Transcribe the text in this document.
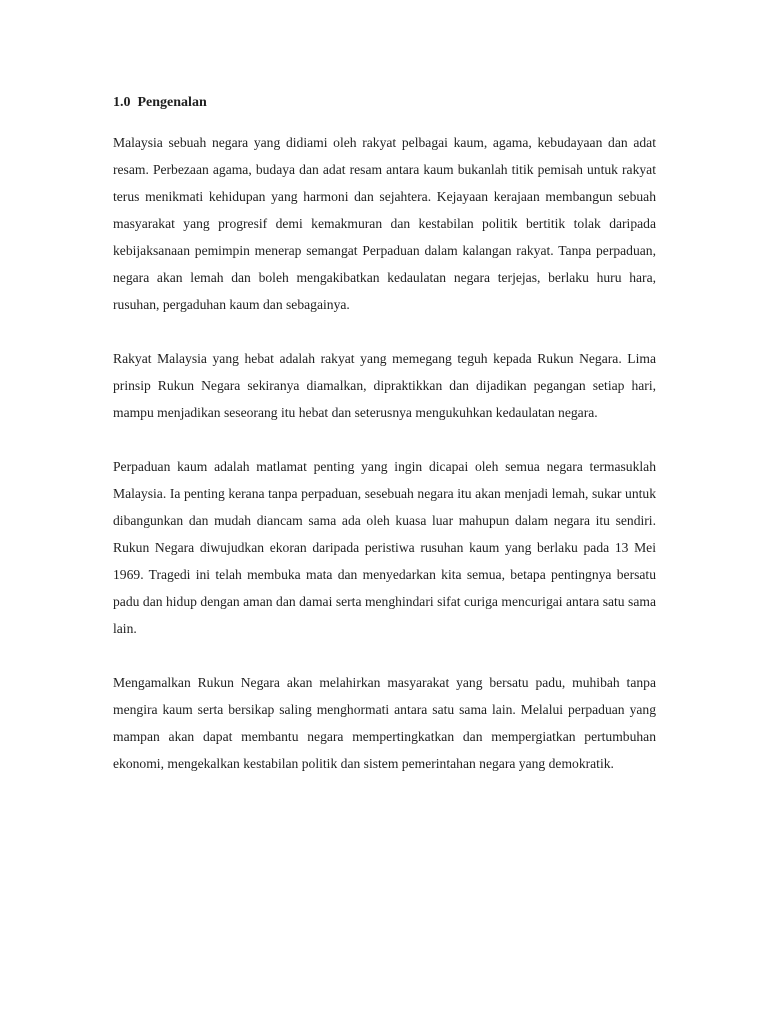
1.0  Pengenalan

Malaysia sebuah negara yang didiami oleh rakyat pelbagai kaum, agama, kebudayaan dan adat resam. Perbezaan agama, budaya dan adat resam antara kaum bukanlah titik pemisah untuk rakyat terus menikmati kehidupan yang harmoni dan sejahtera. Kejayaan kerajaan membangun sebuah masyarakat yang progresif demi kemakmuran dan kestabilan politik bertitik tolak daripada kebijaksanaan pemimpin menerap semangat Perpaduan dalam kalangan rakyat. Tanpa perpaduan, negara akan lemah dan boleh mengakibatkan kedaulatan negara terjejas, berlaku huru hara, rusuhan, pergaduhan kaum dan sebagainya.

Rakyat Malaysia yang hebat adalah rakyat yang memegang teguh kepada Rukun Negara. Lima prinsip Rukun Negara sekiranya diamalkan, dipraktikkan dan dijadikan pegangan setiap hari, mampu menjadikan seseorang itu hebat dan seterusnya mengukuhkan kedaulatan negara.

Perpaduan kaum adalah matlamat penting yang ingin dicapai oleh semua negara termasuklah Malaysia. Ia penting kerana tanpa perpaduan, sesebuah negara itu akan menjadi lemah, sukar untuk dibangunkan dan mudah diancam sama ada oleh kuasa luar mahupun dalam negara itu sendiri. Rukun Negara diwujudkan ekoran daripada peristiwa rusuhan kaum yang berlaku pada 13 Mei 1969. Tragedi ini telah membuka mata dan menyedarkan kita semua, betapa pentingnya bersatu padu dan hidup dengan aman dan damai serta menghindari sifat curiga mencurigai antara satu sama lain.

Mengamalkan Rukun Negara akan melahirkan masyarakat yang bersatu padu, muhibah tanpa mengira kaum serta bersikap saling menghormati antara satu sama lain. Melalui perpaduan yang mampan akan dapat membantu negara mempertingkatkan dan mempergiatkan pertumbuhan ekonomi, mengekalkan kestabilan politik dan sistem pemerintahan negara yang demokratik.
